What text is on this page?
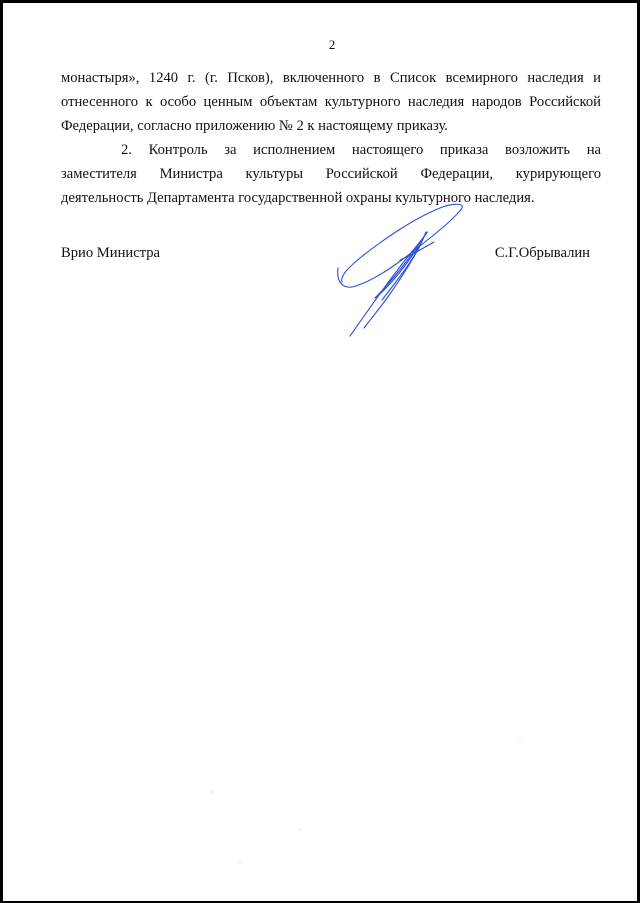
2

монастыря», 1240 г. (г. Псков), включенного в Список всемирного наследия и
отнесенного к особо ценным объектам культурного наследия народов Российской
Федерации, согласно приложению № 2 к настоящему приказу.

2. Контроль за исполнением настоящего приказа возложить на
заместителя Министра культуры Российской Федерации, курирующего
деятельность Департамента государственной охраны культурного наследия.

Врио Министра	С.Г.Обрывалин
